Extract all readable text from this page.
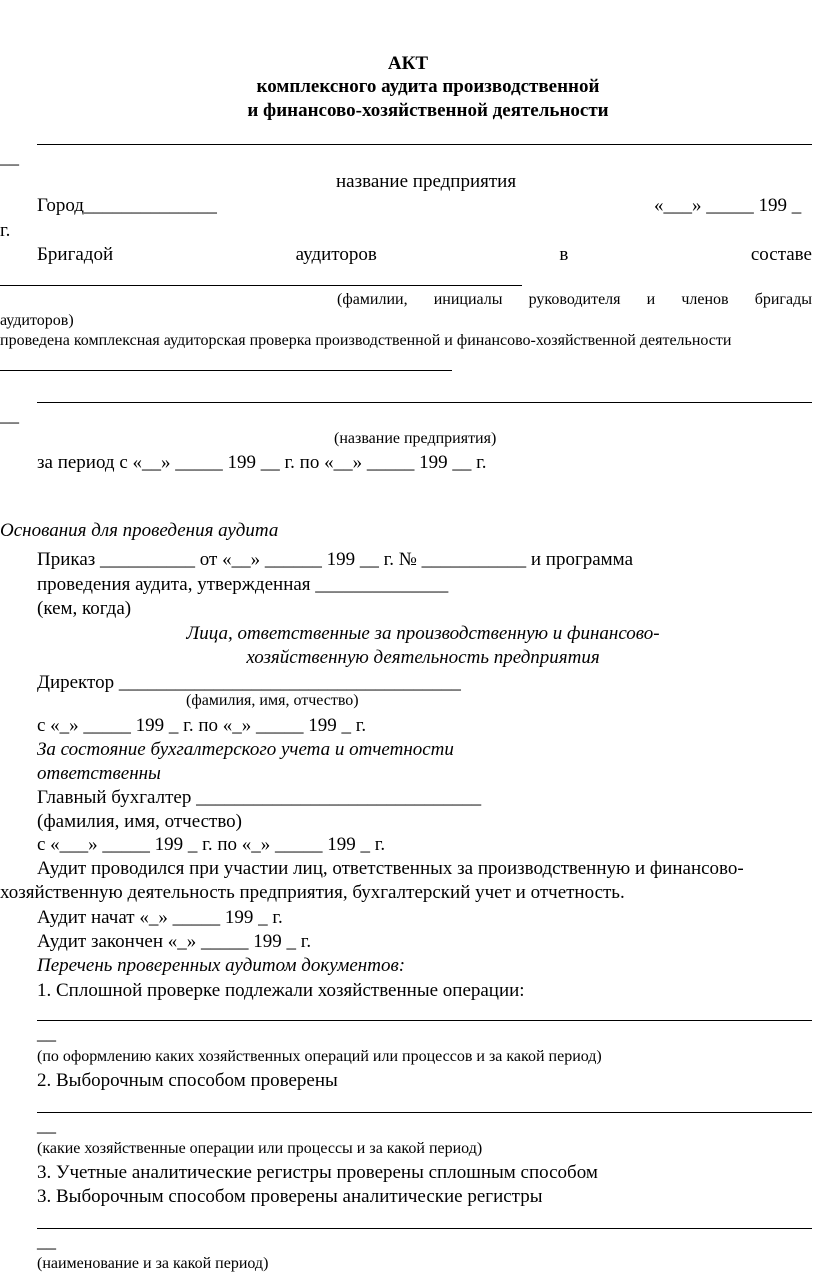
АКТ
комплексного аудита производственной
и финансово-хозяйственной деятельности
__
название предприятия
Город______________	«___» _____ 199 _
г.
Бригадой	аудиторов	в	составе
(фамилии, инициалы руководителя и членов бригады
аудиторов)
проведена комплексная аудиторская проверка производственной и финансово-хозяйственной деятельности
__
(название предприятия)
за период с «__» _____ 199 __ г. по «__» _____ 199 __ г.
Основания для проведения аудита
Приказ __________ от «__» ______ 199 __ г. № ___________ и программа
проведения аудита, утвержденная ______________
(кем, когда)
Лица, ответственные за производственную и финансово-
хозяйственную деятельность предприятия
Директор ____________________________________
(фамилия, имя, отчество)
с «_» _____ 199 _ г. по «_» _____ 199 _ г.
За состояние бухгалтерского учета и отчетности
ответственны
Главный бухгалтер ______________________________
(фамилия, имя, отчество)
с «___» _____ 199 _ г. по «_» _____ 199 _ г.
Аудит проводился при участии лиц, ответственных за производственную и финансово-
хозяйственную деятельность предприятия, бухгалтерский учет и отчетность.
Аудит начат «_» _____ 199 _ г.
Аудит закончен «_» _____ 199 _ г.
Перечень проверенных аудитом документов:
1. Сплошной проверке подлежали хозяйственные операции:
__
(по оформлению каких хозяйственных операций или процессов и за какой период)
2. Выборочным способом проверены
__
(какие хозяйственные операции или процессы и за какой период)
3. Учетные аналитические регистры проверены сплошным способом
3. Выборочным способом проверены аналитические регистры
__
(наименование и за какой период)
